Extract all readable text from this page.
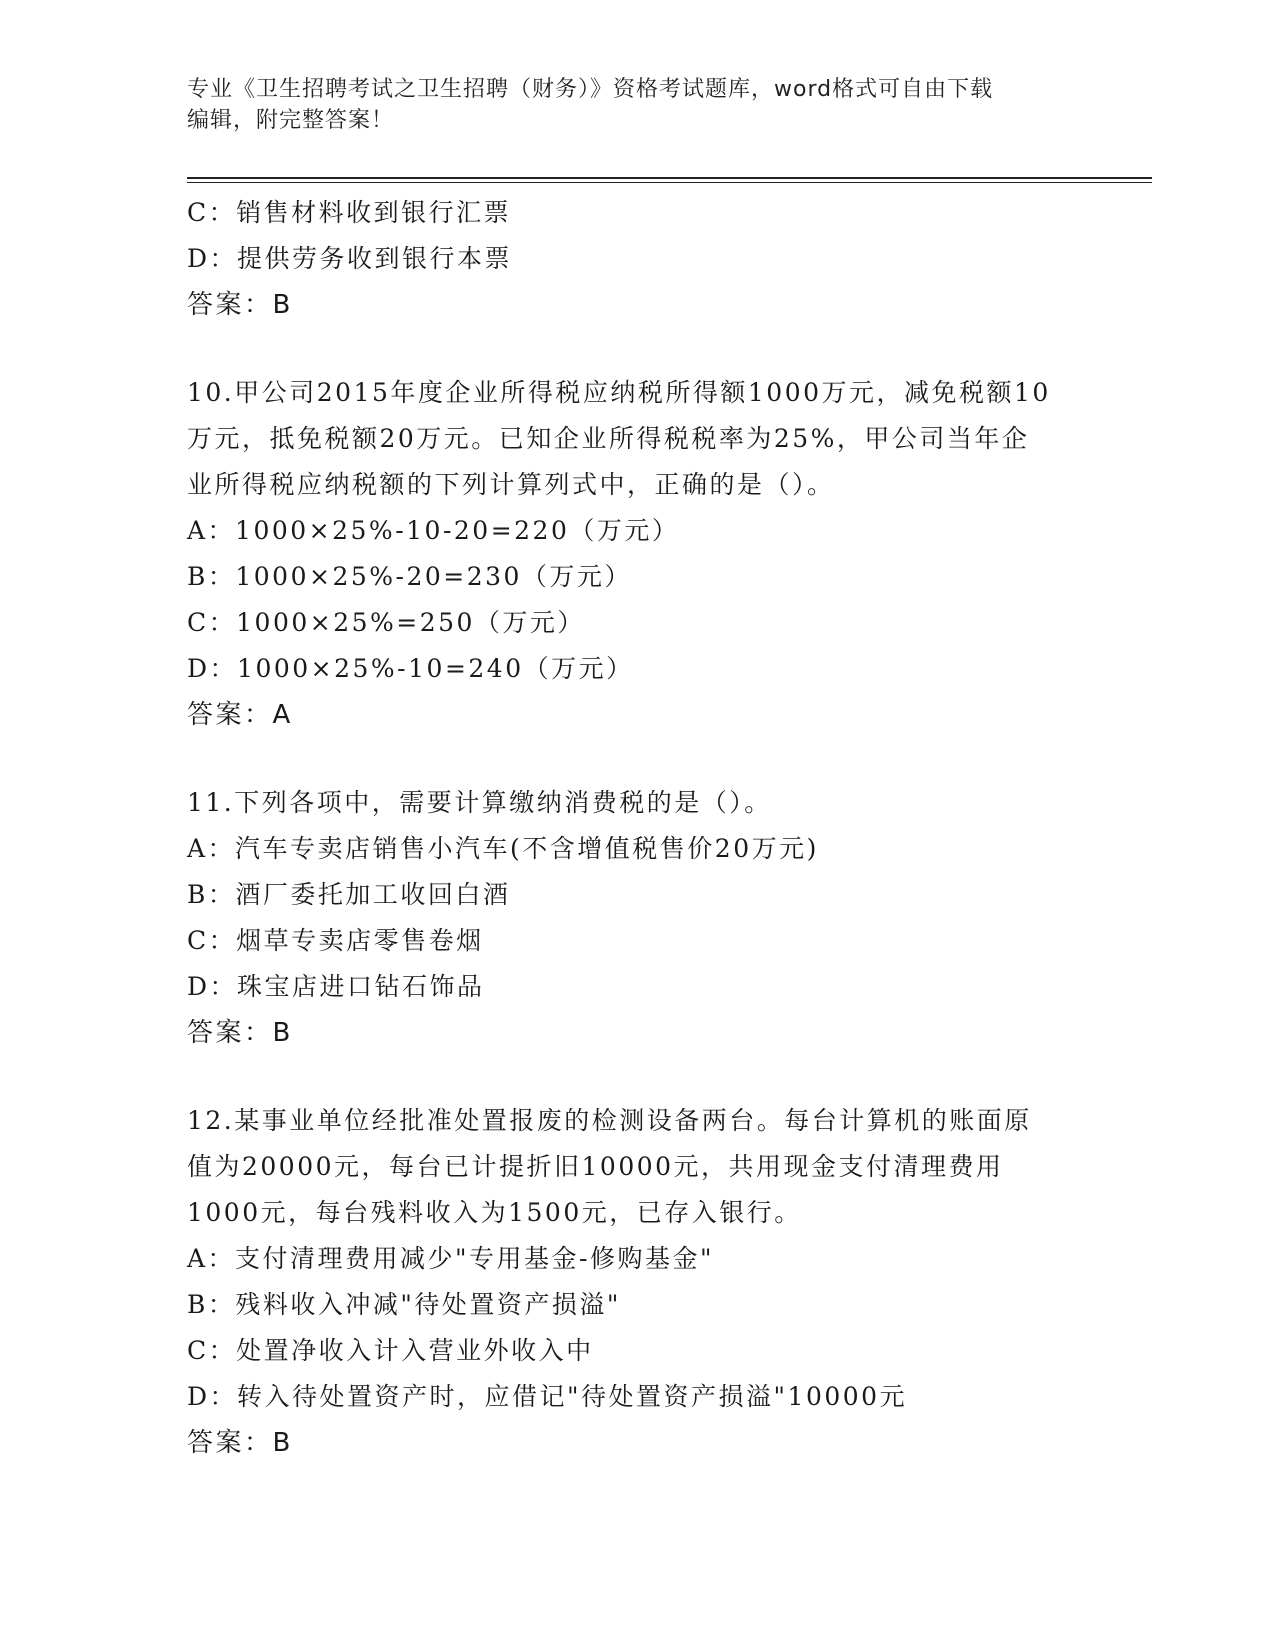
专业《卫生招聘考试之卫生招聘（财务）》资格考试题库，word格式可自由下载
编辑，附完整答案！
C：销售材料收到银行汇票
D：提供劳务收到银行本票
答案：B
10.甲公司2015年度企业所得税应纳税所得额1000万元，减免税额10
万元，抵免税额20万元。已知企业所得税税率为25%，甲公司当年企
业所得税应纳税额的下列计算列式中，正确的是（）。
A：1000×25%-10-20=220（万元）
B：1000×25%-20=230（万元）
C：1000×25%=250（万元）
D：1000×25%-10=240（万元）
答案：A
11.下列各项中，需要计算缴纳消费税的是（）。
A：汽车专卖店销售小汽车(不含增值税售价20万元)
B：酒厂委托加工收回白酒
C：烟草专卖店零售卷烟
D：珠宝店进口钻石饰品
答案：B
12.某事业单位经批准处置报废的检测设备两台。每台计算机的账面原
值为20000元，每台已计提折旧10000元，共用现金支付清理费用
1000元，每台残料收入为1500元，已存入银行。
A：支付清理费用减少"专用基金-修购基金"
B：残料收入冲减"待处置资产损溢"
C：处置净收入计入营业外收入中
D：转入待处置资产时，应借记"待处置资产损溢"10000元
答案：B
